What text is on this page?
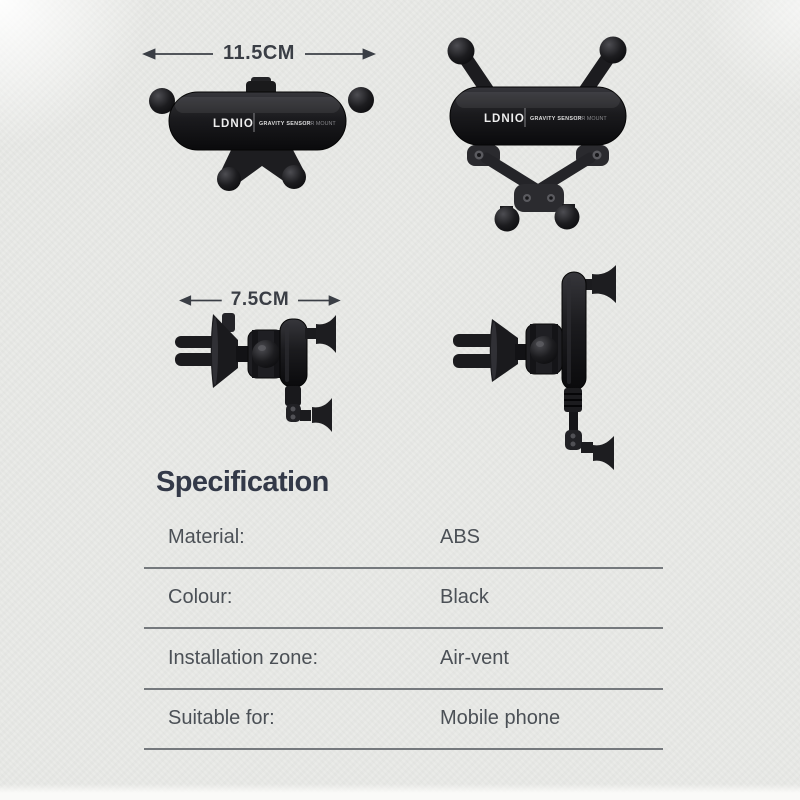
11.5CM
LDNIO GRAVITY SENSOR
CAR MOUNT	LDNIO GRAVITY SENSOR
CAR MOUNT
7.5CM
Specification
Material:	ABS
Colour:	Black
Installation zone:	Air-vent
Suitable for:	Mobile phone
